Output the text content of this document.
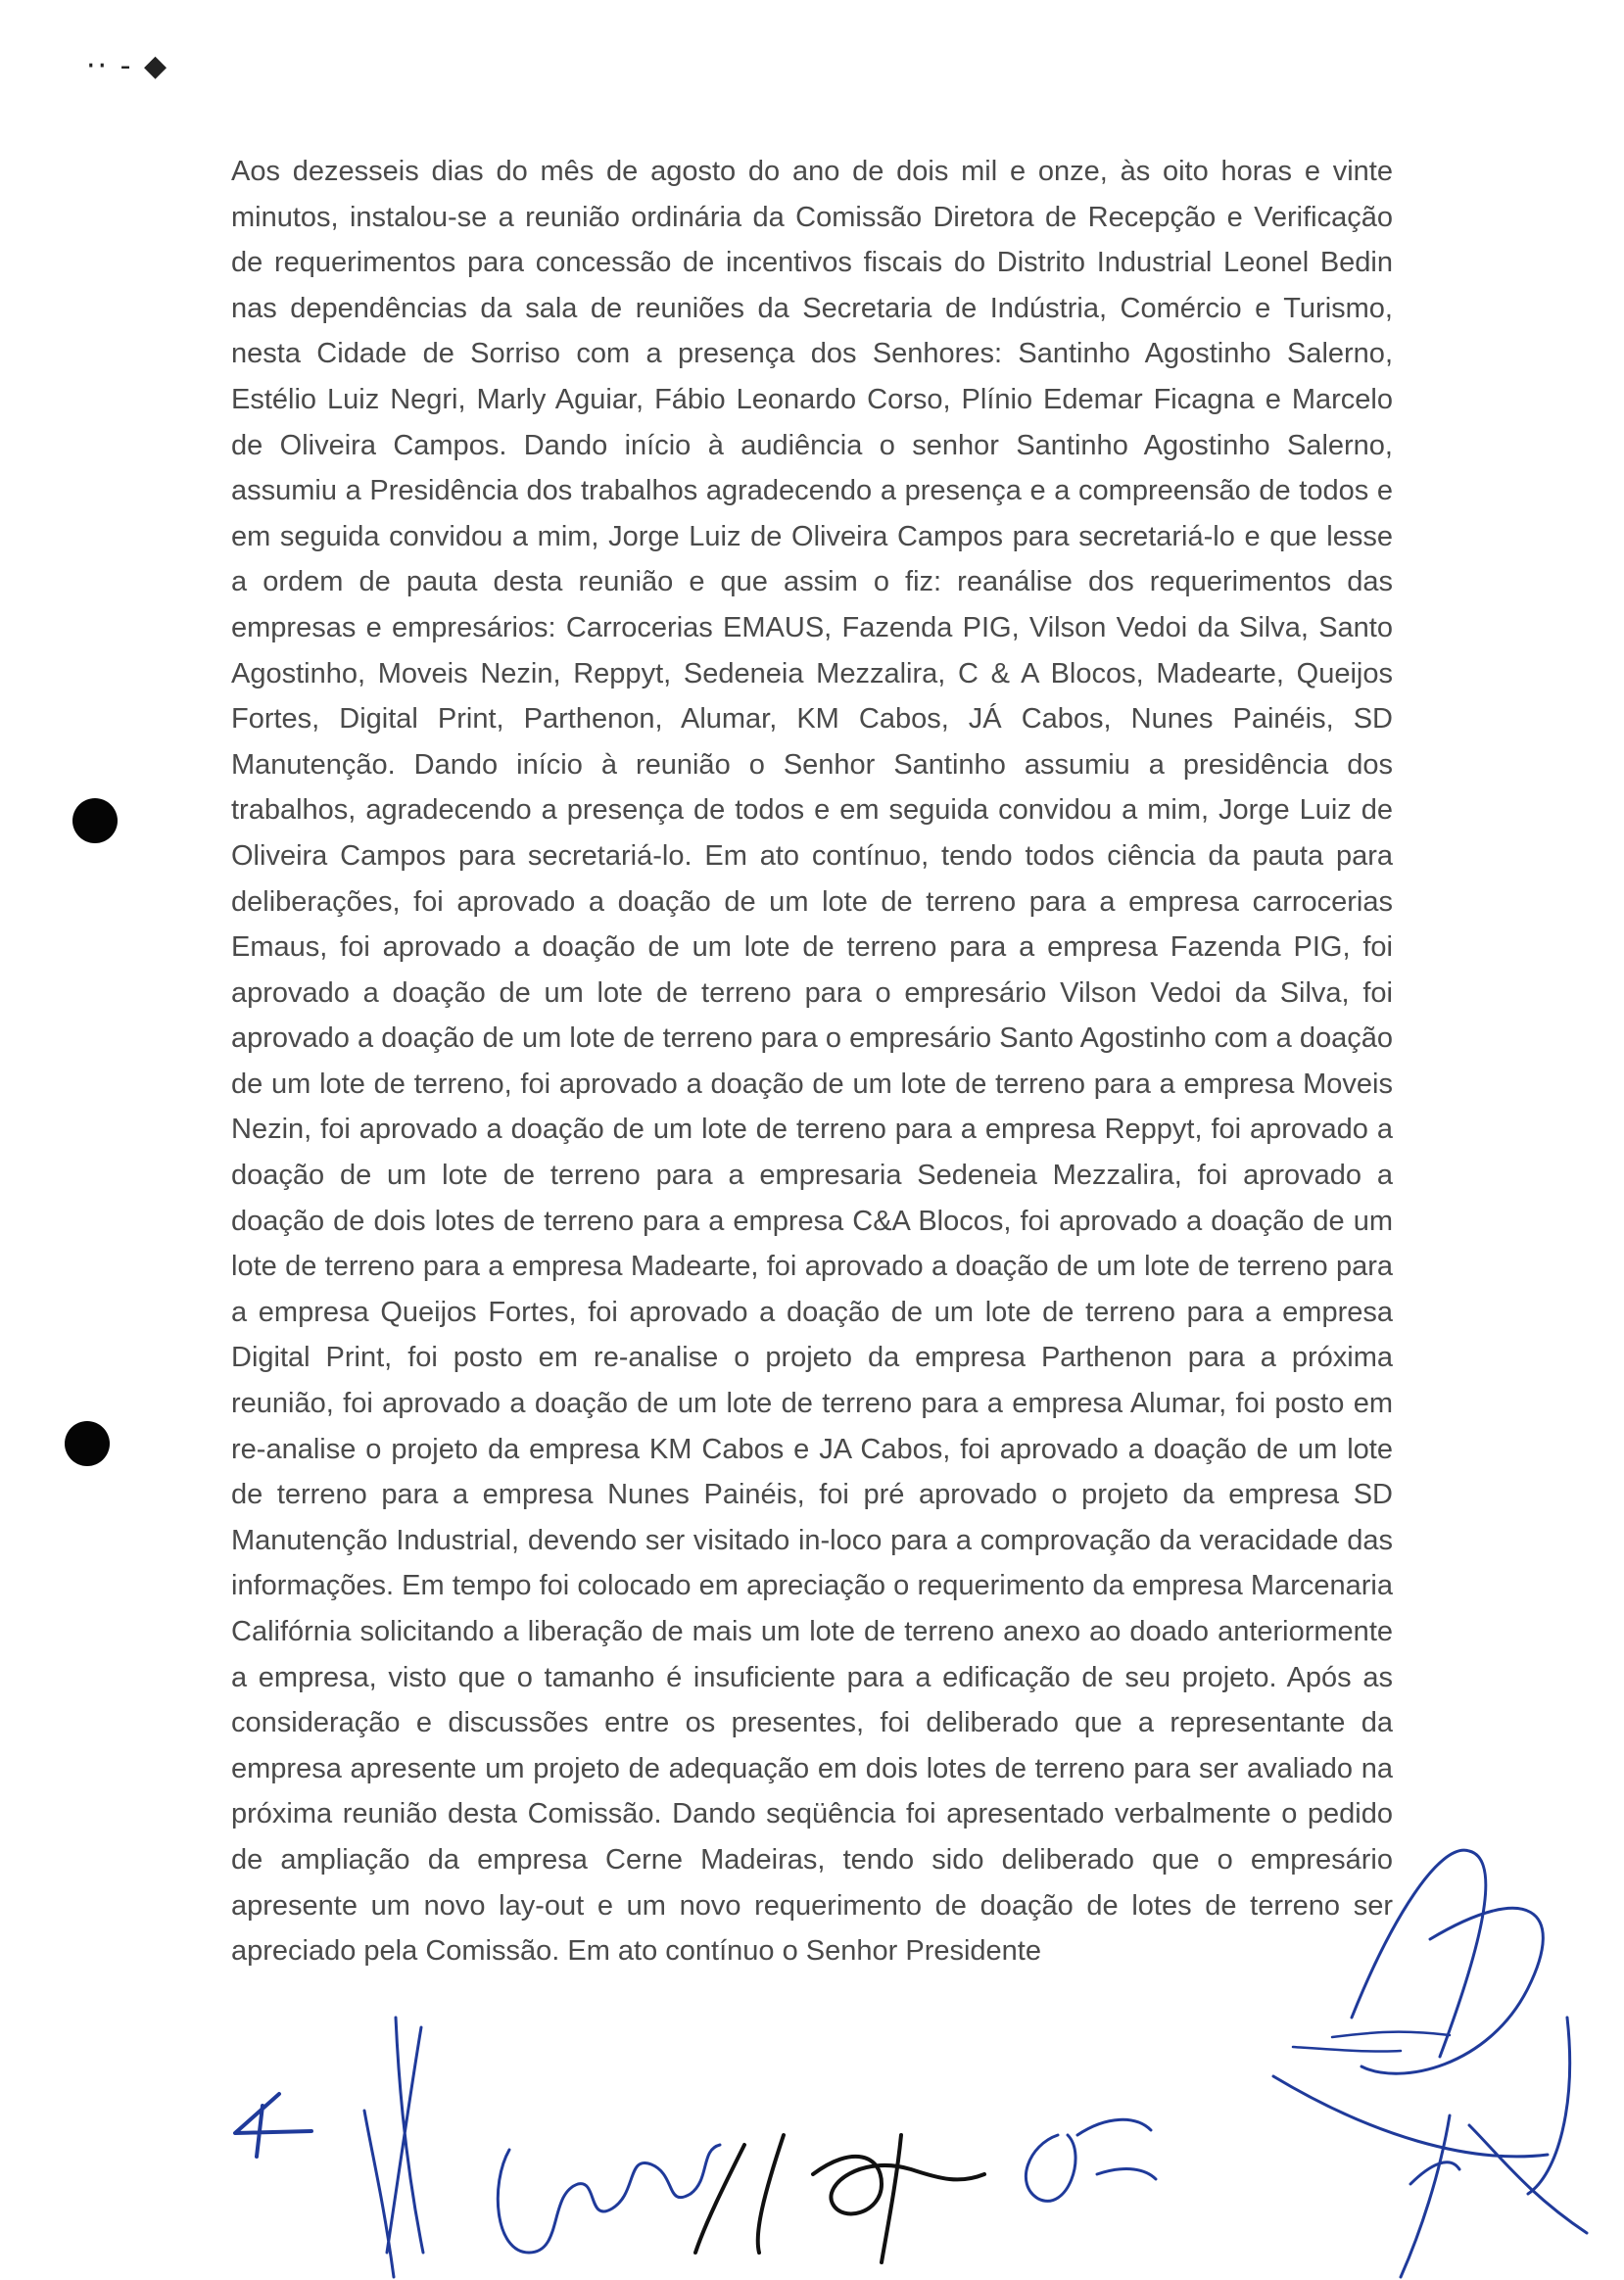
·· - ◆

Aos dezesseis dias do mês de agosto do ano de dois mil e onze, às oito horas e vinte minutos, instalou-se a reunião ordinária da Comissão Diretora de Recepção e Verificação de requerimentos para concessão de incentivos fiscais do Distrito Industrial Leonel Bedin nas dependências da sala de reuniões da Secretaria de Indústria, Comércio e Turismo, nesta Cidade de Sorriso com a presença dos Senhores: Santinho Agostinho Salerno, Estélio Luiz Negri, Marly Aguiar, Fábio Leonardo Corso, Plínio Edemar Ficagna e Marcelo de Oliveira Campos. Dando início à audiência o senhor Santinho Agostinho Salerno, assumiu a Presidência dos trabalhos agradecendo a presença e a compreensão de todos e em seguida convidou a mim, Jorge Luiz de Oliveira Campos para secretariá-lo e que lesse a ordem de pauta desta reunião e que assim o fiz: reanálise dos requerimentos das empresas e empresários: Carrocerias EMAUS, Fazenda PIG, Vilson Vedoi da Silva, Santo Agostinho, Moveis Nezin, Reppyt, Sedeneia Mezzalira, C & A Blocos, Madearte, Queijos Fortes, Digital Print, Parthenon, Alumar, KM Cabos, JÁ Cabos, Nunes Painéis, SD Manutenção. Dando início à reunião o Senhor Santinho assumiu a presidência dos trabalhos, agradecendo a presença de todos e em seguida convidou a mim, Jorge Luiz de Oliveira Campos para secretariá-lo. Em ato contínuo, tendo todos ciência da pauta para deliberações, foi aprovado a doação de um lote de terreno para a empresa carrocerias Emaus, foi aprovado a doação de um lote de terreno para a empresa Fazenda PIG, foi aprovado a doação de um lote de terreno para o empresário Vilson Vedoi da Silva, foi aprovado a doação de um lote de terreno para o empresário Santo Agostinho com a doação de um lote de terreno, foi aprovado a doação de um lote de terreno para a empresa Moveis Nezin, foi aprovado a doação de um lote de terreno para a empresa Reppyt, foi aprovado a doação de um lote de terreno para a empresaria Sedeneia Mezzalira, foi aprovado a doação de dois lotes de terreno para a empresa C&A Blocos, foi aprovado a doação de um lote de terreno para a empresa Madearte, foi aprovado a doação de um lote de terreno para a empresa Queijos Fortes, foi aprovado a doação de um lote de terreno para a empresa Digital Print, foi posto em re-analise o projeto da empresa Parthenon para a próxima reunião, foi aprovado a doação de um lote de terreno para a empresa Alumar, foi posto em re-analise o projeto da empresa KM Cabos e JA Cabos, foi aprovado a doação de um lote de terreno para a empresa Nunes Painéis, foi pré aprovado o projeto da empresa SD Manutenção Industrial, devendo ser visitado in-loco para a comprovação da veracidade das informações. Em tempo foi colocado em apreciação o requerimento da empresa Marcenaria Califórnia solicitando a liberação de mais um lote de terreno anexo ao doado anteriormente a empresa, visto que o tamanho é insuficiente para a edificação de seu projeto. Após as consideração e discussões entre os presentes, foi deliberado que a representante da empresa apresente um projeto de adequação em dois lotes de terreno para ser avaliado na próxima reunião desta Comissão. Dando seqüência foi apresentado verbalmente o pedido de ampliação da empresa Cerne Madeiras, tendo sido deliberado que o empresário apresente um novo lay-out e um novo requerimento de doação de lotes de terreno ser apreciado pela Comissão. Em ato contínuo o Senhor Presidente
